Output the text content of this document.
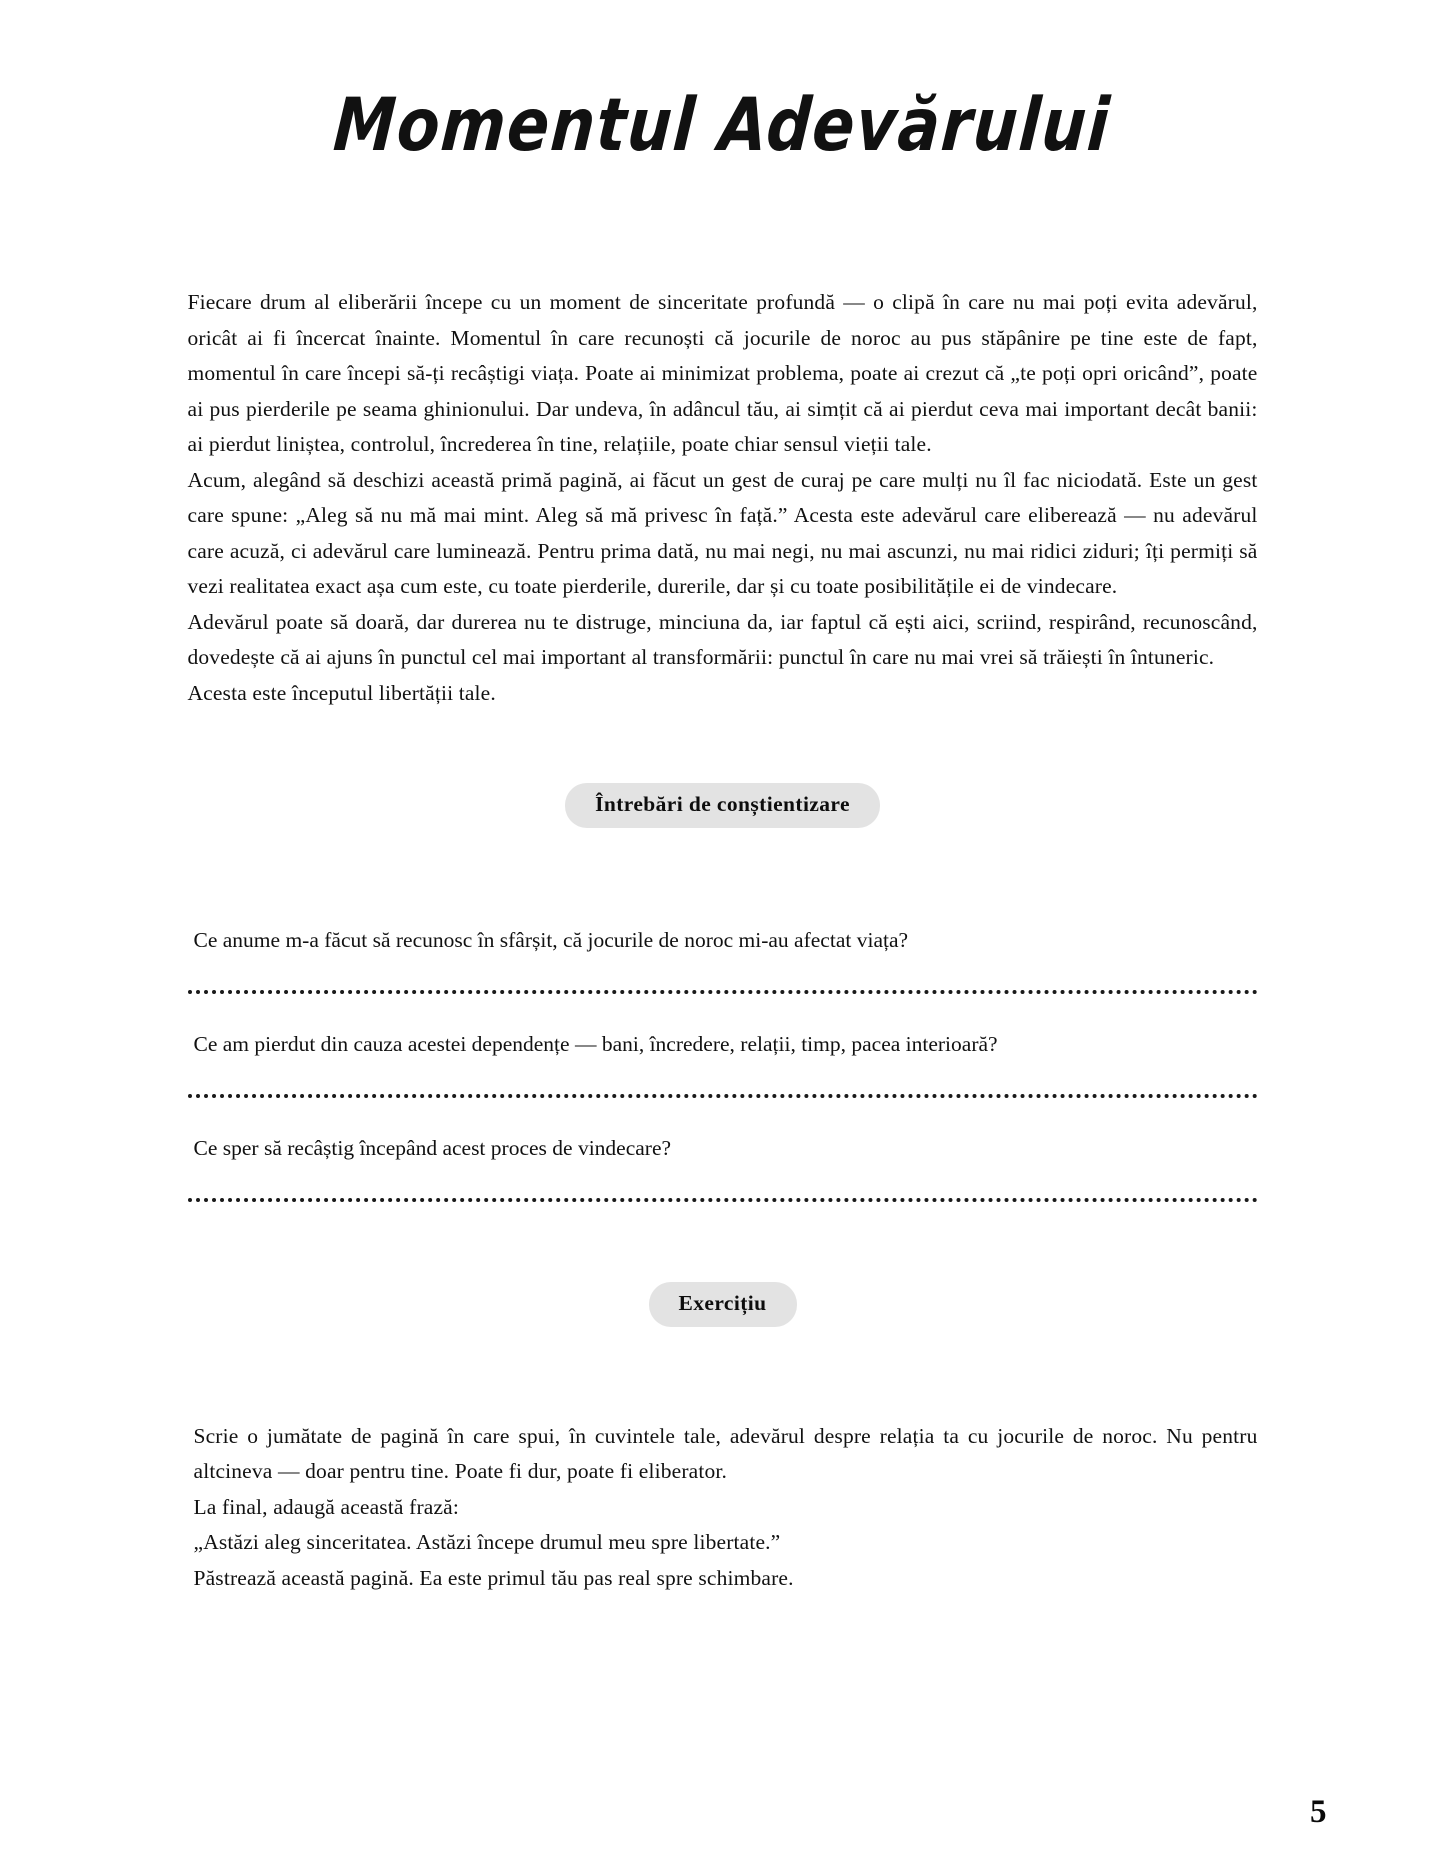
Momentul Adevărului

Fiecare drum al eliberării începe cu un moment de sinceritate profundă — o clipă în care nu mai poți evita adevărul, oricât ai fi încercat înainte. Momentul în care recunoști că jocurile de noroc au pus stăpânire pe tine este de fapt, momentul în care începi să-ți recâștigi viața. Poate ai minimizat problema, poate ai crezut că „te poți opri oricând”, poate ai pus pierderile pe seama ghinionului. Dar undeva, în adâncul tău, ai simțit că ai pierdut ceva mai important decât banii: ai pierdut liniștea, controlul, încrederea în tine, relațiile, poate chiar sensul vieții tale.

Acum, alegând să deschizi această primă pagină, ai făcut un gest de curaj pe care mulți nu îl fac niciodată. Este un gest care spune: „Aleg să nu mă mai mint. Aleg să mă privesc în față.” Acesta este adevărul care eliberează — nu adevărul care acuză, ci adevărul care luminează. Pentru prima dată, nu mai negi, nu mai ascunzi, nu mai ridici ziduri; îți permiți să vezi realitatea exact așa cum este, cu toate pierderile, durerile, dar și cu toate posibilitățile ei de vindecare.

Adevărul poate să doară, dar durerea nu te distruge, minciuna da, iar faptul că ești aici, scriind, respirând, recunoscând, dovedește că ai ajuns în punctul cel mai important al transformării: punctul în care nu mai vrei să trăiești în întuneric.

Acesta este începutul libertății tale.

Întrebări de conștientizare

Ce anume m-a făcut să recunosc în sfârșit, că jocurile de noroc mi-au afectat viața?

Ce am pierdut din cauza acestei dependențe — bani, încredere, relații, timp, pacea interioară?

Ce sper să recâștig începând acest proces de vindecare?

Exercițiu

Scrie o jumătate de pagină în care spui, în cuvintele tale, adevărul despre relația ta cu jocurile de noroc. Nu pentru altcineva — doar pentru tine. Poate fi dur, poate fi eliberator.

La final, adaugă această frază:

„Astăzi aleg sinceritatea. Astăzi începe drumul meu spre libertate.”

Păstrează această pagină. Ea este primul tău pas real spre schimbare.

5
